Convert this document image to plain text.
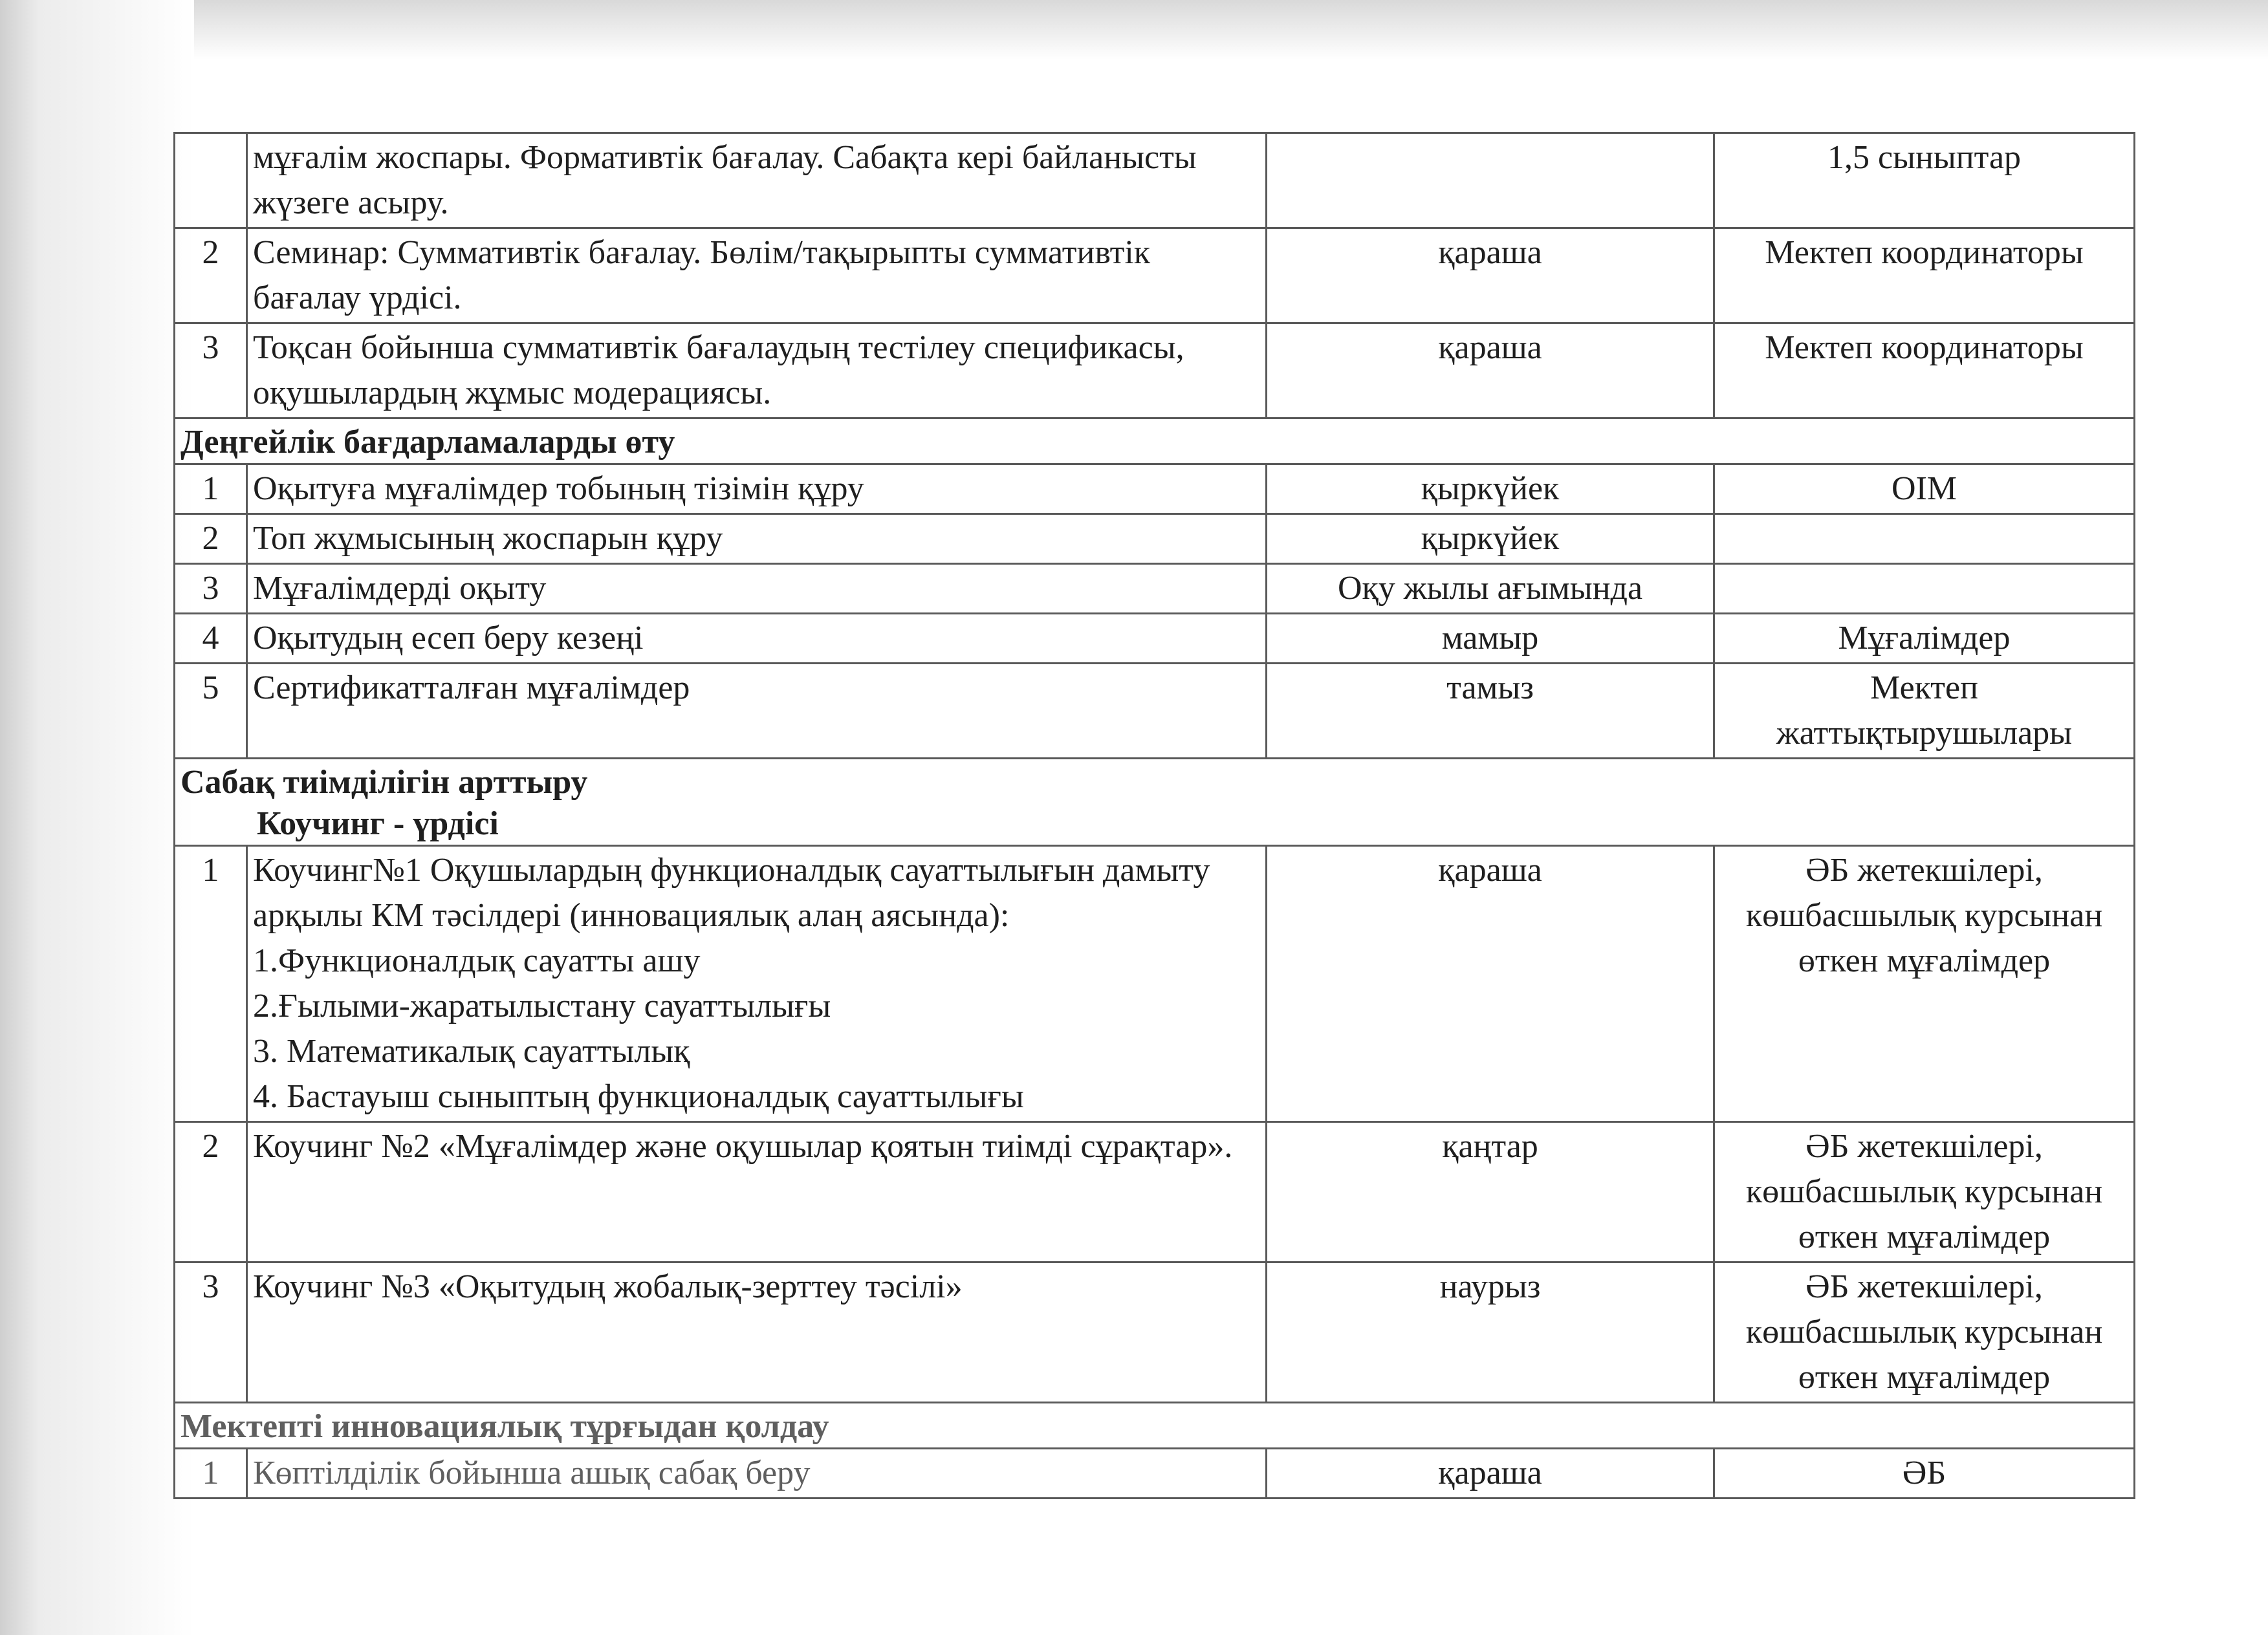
	мұғалім жоспары. Формативтік бағалау. Сабақта кері байланысты жүзеге асыру.		1,5 сыныптар
2	Семинар: Суммативтік бағалау. Бөлім/тақырыпты суммативтік бағалау үрдісі.	қараша	Мектеп координаторы
3	Тоқсан бойынша суммативтік бағалаудың тестілеу спецификасы, оқушылардың жұмыс модерациясы.	қараша	Мектеп координаторы
Деңгейлік бағдарламаларды өту			
1	Оқытуға мұғалімдер тобының тізімін құру	қыркүйек	ОІМ
2	Топ жұмысының жоспарын құру	қыркүйек	
3	Мұғалімдерді оқыту	Оқу жылы ағымында	
4	Оқытудың есеп беру кезеңі	мамыр	Мұғалімдер
5	Сертификатталған мұғалімдер	тамыз	Мектеп жаттықтырушылары
Сабақ тиімділігін арттыру
Коучинг - үрдісі			

1	Коучинг№1 Оқушылардың функционалдық сауаттылығын дамыту арқылы КМ тәсілдері (инновациялық алаң аясында):
1.Функционалдық сауатты ашу
2.Ғылыми-жаратылыстану сауаттылығы
3. Математикалық сауаттылық
4. Бастауыш сыныптың функционалдық сауаттылығы	қараша	ӘБ жетекшілері, көшбасшылық курсынан өткен мұғалімдер
2	Коучинг №2 «Мұғалімдер және оқушылар қоятын тиімді сұрақтар».	қаңтар	ӘБ жетекшілері, көшбасшылық курсынан өткен мұғалімдер
3	Коучинг №3 «Оқытудың жобалық-зерттеу тәсілі»	наурыз	ӘБ жетекшілері, көшбасшылық курсынан өткен мұғалімдер
Мектепті инновациялық тұрғыдан қолдау			
1	Көптілділік бойынша ашық сабақ беру	қараша	ӘБ
